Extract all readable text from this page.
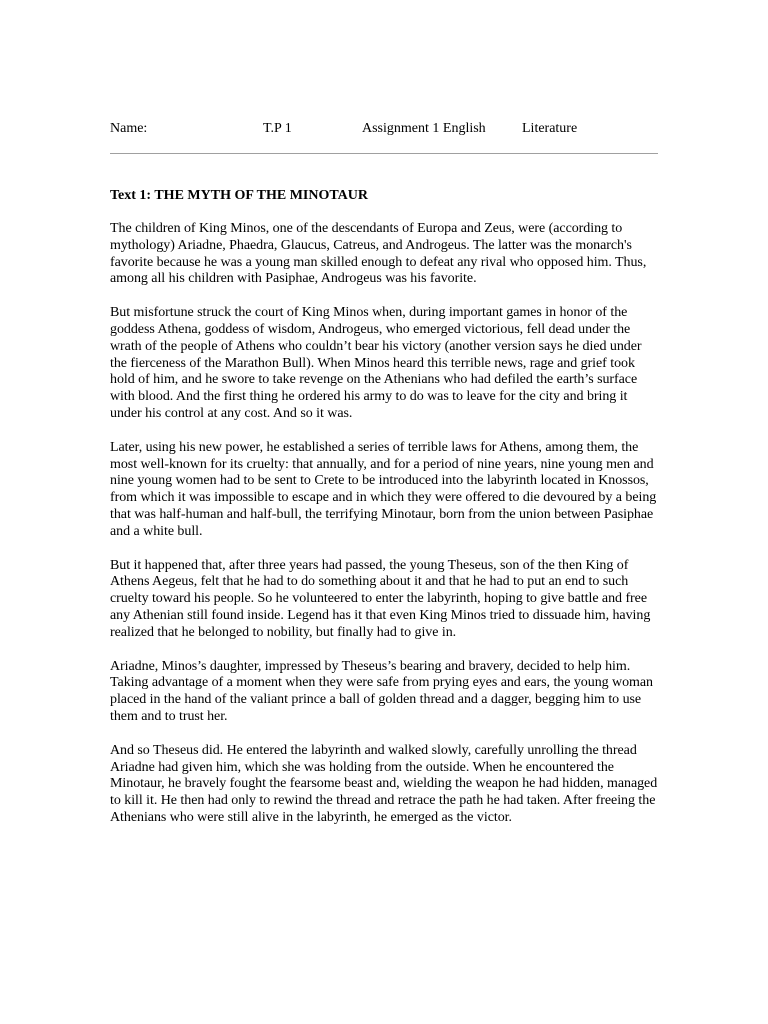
Name:	T.P 1	Assignment 1 English	Literature
Text 1: THE MYTH OF THE MINOTAUR

The children of King Minos, one of the descendants of Europa and Zeus, were (according to mythology) Ariadne, Phaedra, Glaucus, Catreus, and Androgeus. The latter was the monarch's favorite because he was a young man skilled enough to defeat any rival who opposed him. Thus, among all his children with Pasiphae, Androgeus was his favorite.

But misfortune struck the court of King Minos when, during important games in honor of the goddess Athena, goddess of wisdom, Androgeus, who emerged victorious, fell dead under the wrath of the people of Athens who couldn’t bear his victory (another version says he died under the fierceness of the Marathon Bull). When Minos heard this terrible news, rage and grief took hold of him, and he swore to take revenge on the Athenians who had defiled the earth’s surface with blood. And the first thing he ordered his army to do was to leave for the city and bring it under his control at any cost. And so it was.

Later, using his new power, he established a series of terrible laws for Athens, among them, the most well-known for its cruelty: that annually, and for a period of nine years, nine young men and nine young women had to be sent to Crete to be introduced into the labyrinth located in Knossos, from which it was impossible to escape and in which they were offered to die devoured by a being that was half-human and half-bull, the terrifying Minotaur, born from the union between Pasiphae and a white bull.

But it happened that, after three years had passed, the young Theseus, son of the then King of Athens Aegeus, felt that he had to do something about it and that he had to put an end to such cruelty toward his people. So he volunteered to enter the labyrinth, hoping to give battle and free any Athenian still found inside. Legend has it that even King Minos tried to dissuade him, having realized that he belonged to nobility, but finally had to give in.

Ariadne, Minos’s daughter, impressed by Theseus’s bearing and bravery, decided to help him. Taking advantage of a moment when they were safe from prying eyes and ears, the young woman placed in the hand of the valiant prince a ball of golden thread and a dagger, begging him to use them and to trust her.

And so Theseus did. He entered the labyrinth and walked slowly, carefully unrolling the thread Ariadne had given him, which she was holding from the outside. When he encountered the Minotaur, he bravely fought the fearsome beast and, wielding the weapon he had hidden, managed to kill it. He then had only to rewind the thread and retrace the path he had taken. After freeing the Athenians who were still alive in the labyrinth, he emerged as the victor.
